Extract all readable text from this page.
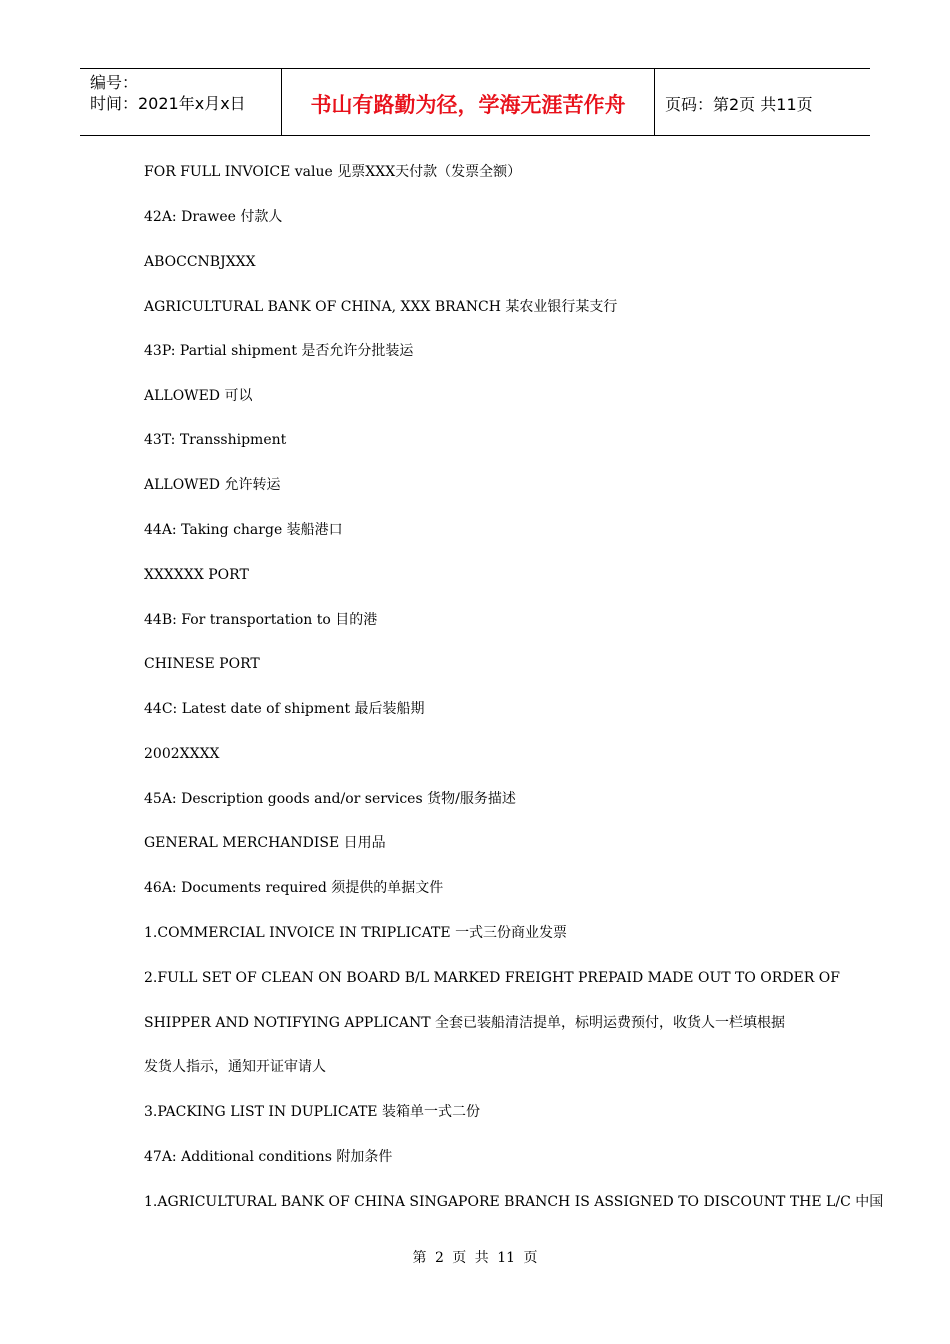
编号：
时间：2021年x月x日	书山有路勤为径，学海无涯苦作舟	页码：第2页 共11页
FOR FULL INVOICE value 见票XXX天付款（发票全额）
42A: Drawee 付款人
ABOCCNBJXXX
AGRICULTURAL BANK OF CHINA, XXX BRANCH 某农业银行某支行
43P: Partial shipment 是否允许分批装运
ALLOWED 可以
43T: Transshipment
ALLOWED 允许转运
44A: Taking charge 装船港口
XXXXXX PORT
44B: For transportation to 目的港
CHINESE PORT
44C: Latest date of shipment 最后装船期
2002XXXX
45A: Description goods and/or services 货物/服务描述
GENERAL MERCHANDISE 日用品
46A: Documents required 须提供的单据文件
1.COMMERCIAL INVOICE IN TRIPLICATE 一式三份商业发票
2.FULL SET OF CLEAN ON BOARD B/L MARKED FREIGHT PREPAID MADE OUT TO ORDER OF
SHIPPER AND NOTIFYING APPLICANT 全套已装船清洁提单，标明运费预付，收货人一栏填根据
发货人指示，通知开证审请人
3.PACKING LIST IN DUPLICATE 装箱单一式二份
47A: Additional conditions 附加条件
1.AGRICULTURAL BANK OF CHINA SINGAPORE BRANCH IS ASSIGNED TO DISCOUNT THE L/C 中国
第 2 页 共 11 页
